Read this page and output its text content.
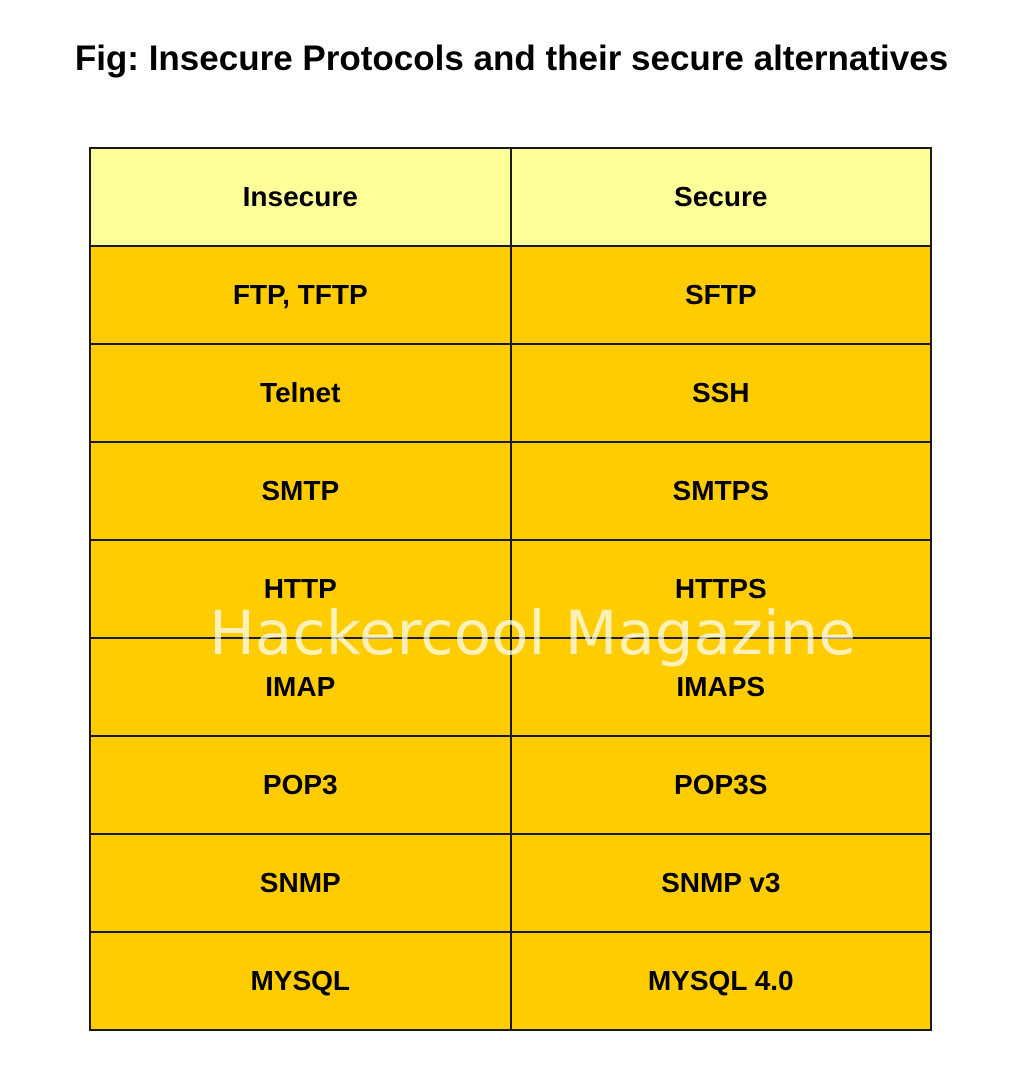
Fig: Insecure Protocols and their secure alternatives
Insecure	Secure
FTP, TFTP	SFTP
Telnet	SSH
SMTP	SMTPS
HTTP	HTTPS
IMAP	IMAPS
POP3	POP3S
SNMP	SNMP v3
MYSQL	MYSQL 4.0
Hackercool Magazine
